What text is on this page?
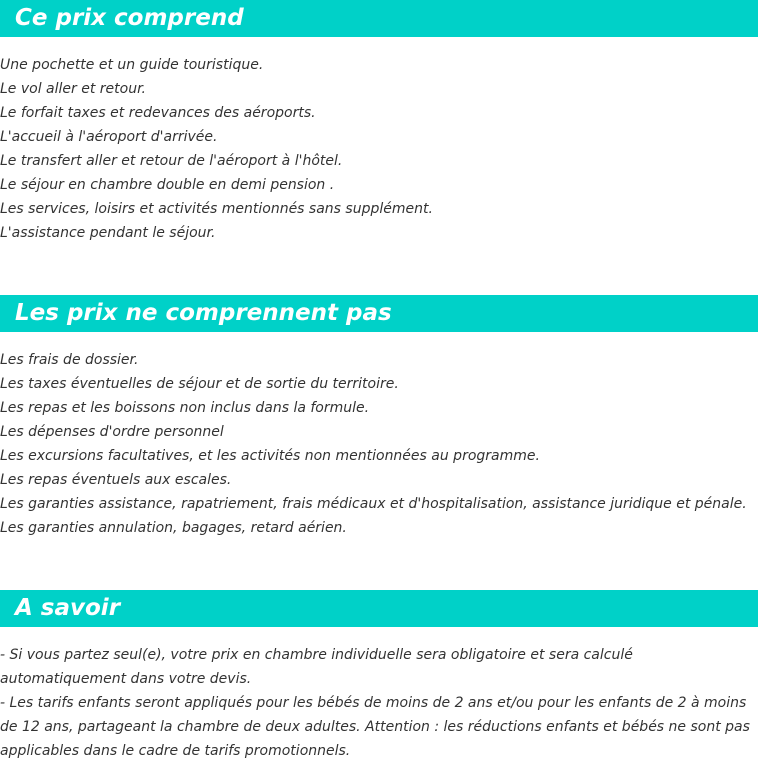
Ce prix comprend
Une pochette et un guide touristique.
Le vol aller et retour.
Le forfait taxes et redevances des aéroports.
L'accueil à l'aéroport d'arrivée.
Le transfert aller et retour de l'aéroport à l'hôtel.
Le séjour en chambre double en demi pension .
Les services, loisirs et activités mentionnés sans supplément.
L'assistance pendant le séjour.
Les prix ne comprennent pas
Les frais de dossier.
Les taxes éventuelles de séjour et de sortie du territoire.
Les repas et les boissons non inclus dans la formule.
Les dépenses d'ordre personnel
Les excursions facultatives, et les activités non mentionnées au programme.
Les repas éventuels aux escales.
Les garanties assistance, rapatriement, frais médicaux et d'hospitalisation, assistance juridique et pénale.
Les garanties annulation, bagages, retard aérien.
A savoir

- Si vous partez seul(e), votre prix en chambre individuelle sera obligatoire et sera calculé automatiquement dans votre devis.

- Les tarifs enfants seront appliqués pour les bébés de moins de 2 ans et/ou pour les enfants de 2 à moins de 12 ans, partageant la chambre de deux adultes. Attention : les réductions enfants et bébés ne sont pas applicables dans le cadre de tarifs promotionnels.
